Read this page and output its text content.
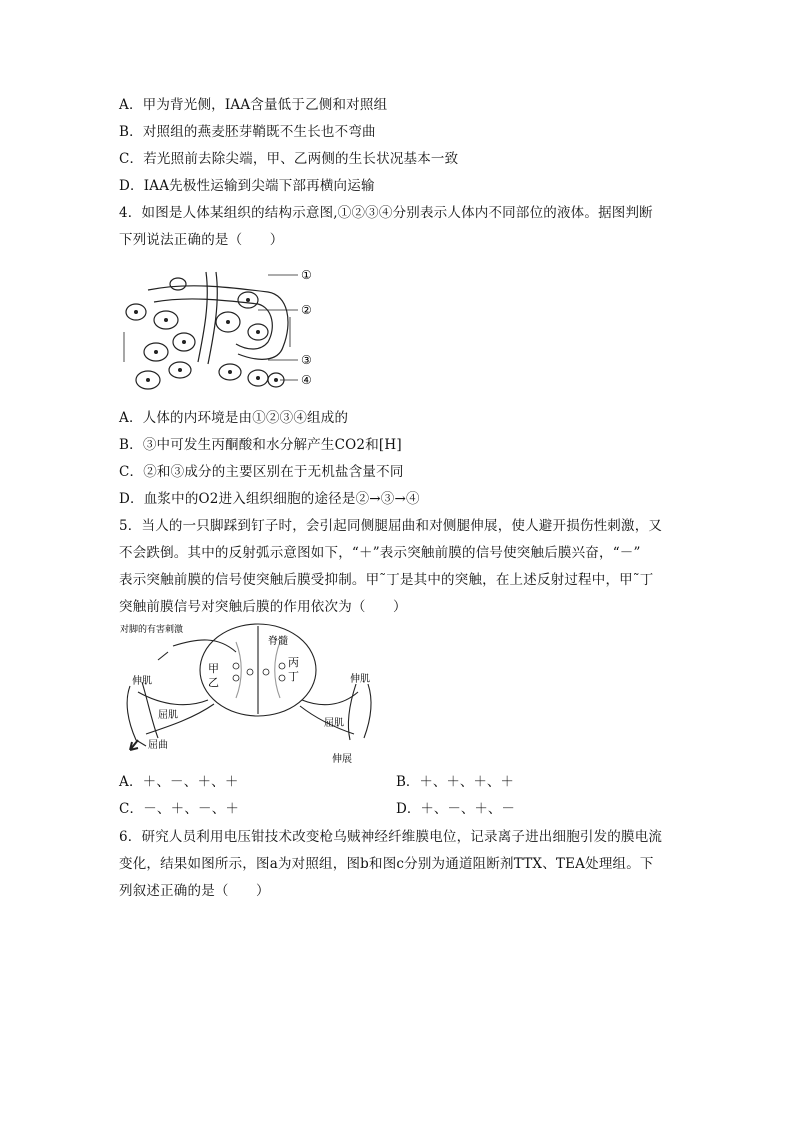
A．甲为背光侧，IAA含量低于乙侧和对照组
B．对照组的燕麦胚芽鞘既不生长也不弯曲
C．若光照前去除尖端，甲、乙两侧的生长状况基本一致
D．IAA先极性运输到尖端下部再横向运输
4．如图是人体某组织的结构示意图,①②③④分别表示人体内不同部位的液体。据图判断
下列说法正确的是（　　）
①
②
③
④
A．人体的内环境是由①②③④组成的
B．③中可发生丙酮酸和水分解产生CO2和[H]
C．②和③成分的主要区别在于无机盐含量不同
D．血浆中的O2进入组织细胞的途径是②→③→④
5．当人的一只脚踩到钉子时，会引起同侧腿屈曲和对侧腿伸展，使人避开损伤性刺激，又
不会跌倒。其中的反射弧示意图如下，“＋”表示突触前膜的信号使突触后膜兴奋，“－”
表示突触前膜的信号使突触后膜受抑制。甲˜丁是其中的突触，在上述反射过程中，甲˜丁
突触前膜信号对突触后膜的作用依次为（　　）
对脚的有害刺激
脊髓
甲
乙
丙
丁
伸肌
屈肌
屈曲
伸肌
屈肌
伸展
A．＋、－、＋、＋	B．＋、＋、＋、＋
C．－、＋、－、＋	D．＋、－、＋、－
6．研究人员利用电压钳技术改变枪乌贼神经纤维膜电位，记录离子进出细胞引发的膜电流
变化，结果如图所示，图a为对照组，图b和图c分别为通道阻断剂TTX、TEA处理组。下
列叙述正确的是（　　）
